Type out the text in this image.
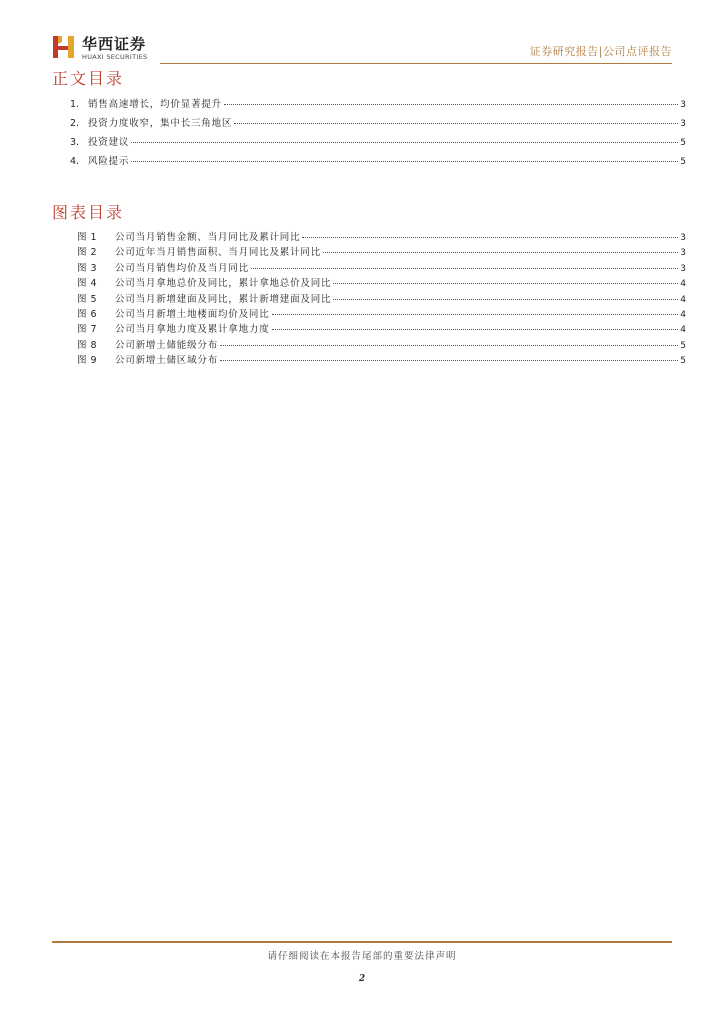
华西证券
HUAXI SECURITIES	证券研究报告|公司点评报告
正文目录
1. 销售高速增长，均价显著提升	3
2. 投资力度收窄，集中长三角地区	3
3. 投资建议	5
4. 风险提示	5
图表目录
图 1	公司当月销售金额、当月同比及累计同比	3
图 2	公司近年当月销售面积、当月同比及累计同比	3
图 3	公司当月销售均价及当月同比	3
图 4	公司当月拿地总价及同比，累计拿地总价及同比	4
图 5	公司当月新增建面及同比，累计新增建面及同比	4
图 6	公司当月新增土地楼面均价及同比	4
图 7	公司当月拿地力度及累计拿地力度	4
图 8	公司新增土储能级分布	5
图 9	公司新增土储区域分布	5
请仔细阅读在本报告尾部的重要法律声明
2
